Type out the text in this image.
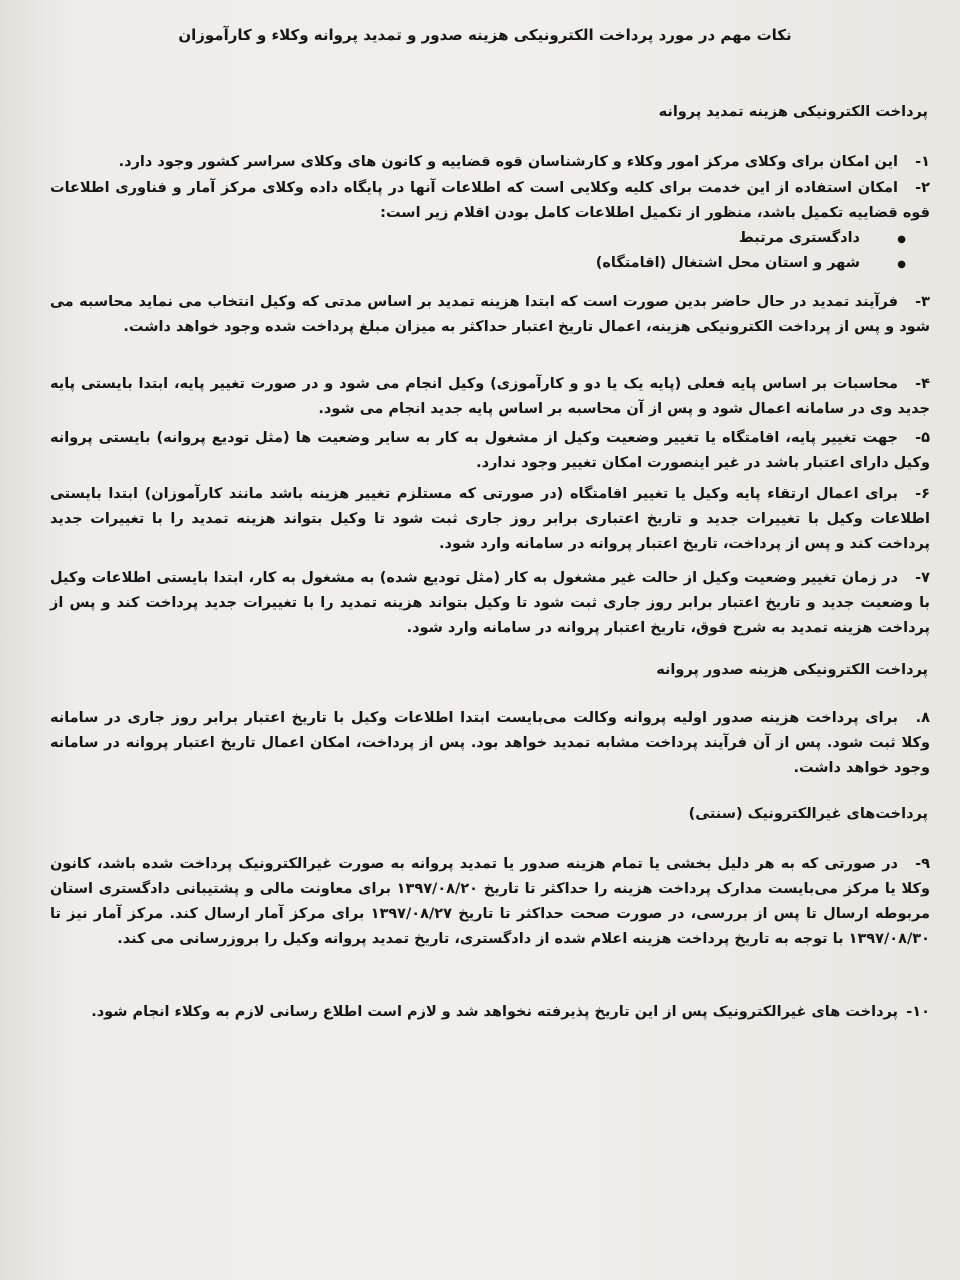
نکات مهم در مورد پرداخت الکترونیکی هزینه صدور و تمدید پروانه وکلاء و کارآموزان
پرداخت الکترونیکی هزینه تمدید پروانه
۱-این امکان برای وکلای مرکز امور وکلاء و کارشناسان قوه قضاییه و کانون های وکلای سراسر کشور وجود دارد.
۲-امکان استفاده از این خدمت برای کلیه وکلایی است که اطلاعات آنها در پایگاه داده وکلای مرکز آمار و فناوری اطلاعات قوه قضاییه تکمیل باشد، منظور از تکمیل اطلاعات کامل بودن اقلام زیر است:
● دادگستری مرتبط
● شهر و استان محل اشتغال (اقامتگاه)
۳-فرآیند تمدید در حال حاضر بدین صورت است که ابتدا هزینه تمدید بر اساس مدتی که وکیل انتخاب می نماید محاسبه می شود و پس از پرداخت الکترونیکی هزینه، اعمال تاریخ اعتبار حداکثر به میزان مبلغ پرداخت شده وجود خواهد داشت.
۴-محاسبات بر اساس پایه فعلی (پایه یک یا دو و کارآموزی) وکیل انجام می شود و در صورت تغییر پایه، ابتدا بایستی پایه جدید وی در سامانه اعمال شود و پس از آن محاسبه بر اساس پایه جدید انجام می شود.
۵-جهت تغییر پایه، اقامتگاه یا تغییر وضعیت وکیل از مشغول به کار به سایر وضعیت ها (مثل تودیع پروانه) بایستی پروانه وکیل دارای اعتبار باشد در غیر اینصورت امکان تغییر وجود ندارد.
۶-برای اعمال ارتقاء پایه وکیل یا تغییر اقامتگاه (در صورتی که مستلزم تغییر هزینه باشد مانند کارآموزان) ابتدا بایستی اطلاعات وکیل با تغییرات جدید و تاریخ اعتباری برابر روز جاری ثبت شود تا وکیل بتواند هزینه تمدید را با تغییرات جدید پرداخت کند و پس از پرداخت، تاریخ اعتبار پروانه در سامانه وارد شود.
۷-در زمان تغییر وضعیت وکیل از حالت غیر مشغول به کار (مثل تودیع شده) به مشغول به کار، ابتدا بایستی اطلاعات وکیل با وضعیت جدید و تاریخ اعتبار برابر روز جاری ثبت شود تا وکیل بتواند هزینه تمدید را با تغییرات جدید پرداخت کند و پس از پرداخت هزینه تمدید به شرح فوق، تاریخ اعتبار پروانه در سامانه وارد شود.
پرداخت الکترونیکی هزینه صدور پروانه
۸.برای پرداخت هزینه صدور اولیه پروانه وکالت می‌بایست ابتدا اطلاعات وکیل با تاریخ اعتبار برابر روز جاری در سامانه وکلا ثبت شود. پس از آن فرآیند پرداخت مشابه تمدید خواهد بود. پس از پرداخت، امکان اعمال تاریخ اعتبار پروانه در سامانه وجود خواهد داشت.
پرداخت‌های غیرالکترونیک (سنتی)
۹-در صورتی که به هر دلیل بخشی یا تمام هزینه صدور یا تمدید پروانه به صورت غیرالکترونیک پرداخت شده باشد، کانون وکلا یا مرکز می‌بایست مدارک پرداخت هزینه را حداکثر تا تاریخ ۱۳۹۷/۰۸/۲۰ برای معاونت مالی و پشتیبانی دادگستری استان مربوطه ارسال تا پس از بررسی، در صورت صحت حداکثر تا تاریخ ۱۳۹۷/۰۸/۲۷ برای مرکز آمار ارسال کند. مرکز آمار نیز تا ۱۳۹۷/۰۸/۳۰ با توجه به تاریخ پرداخت هزینه اعلام شده از دادگستری، تاریخ تمدید پروانه وکیل را بروزرسانی می کند.
۱۰-پرداخت های غیرالکترونیک پس از این تاریخ پذیرفته نخواهد شد و لازم است اطلاع رسانی لازم به وکلاء انجام شود.
